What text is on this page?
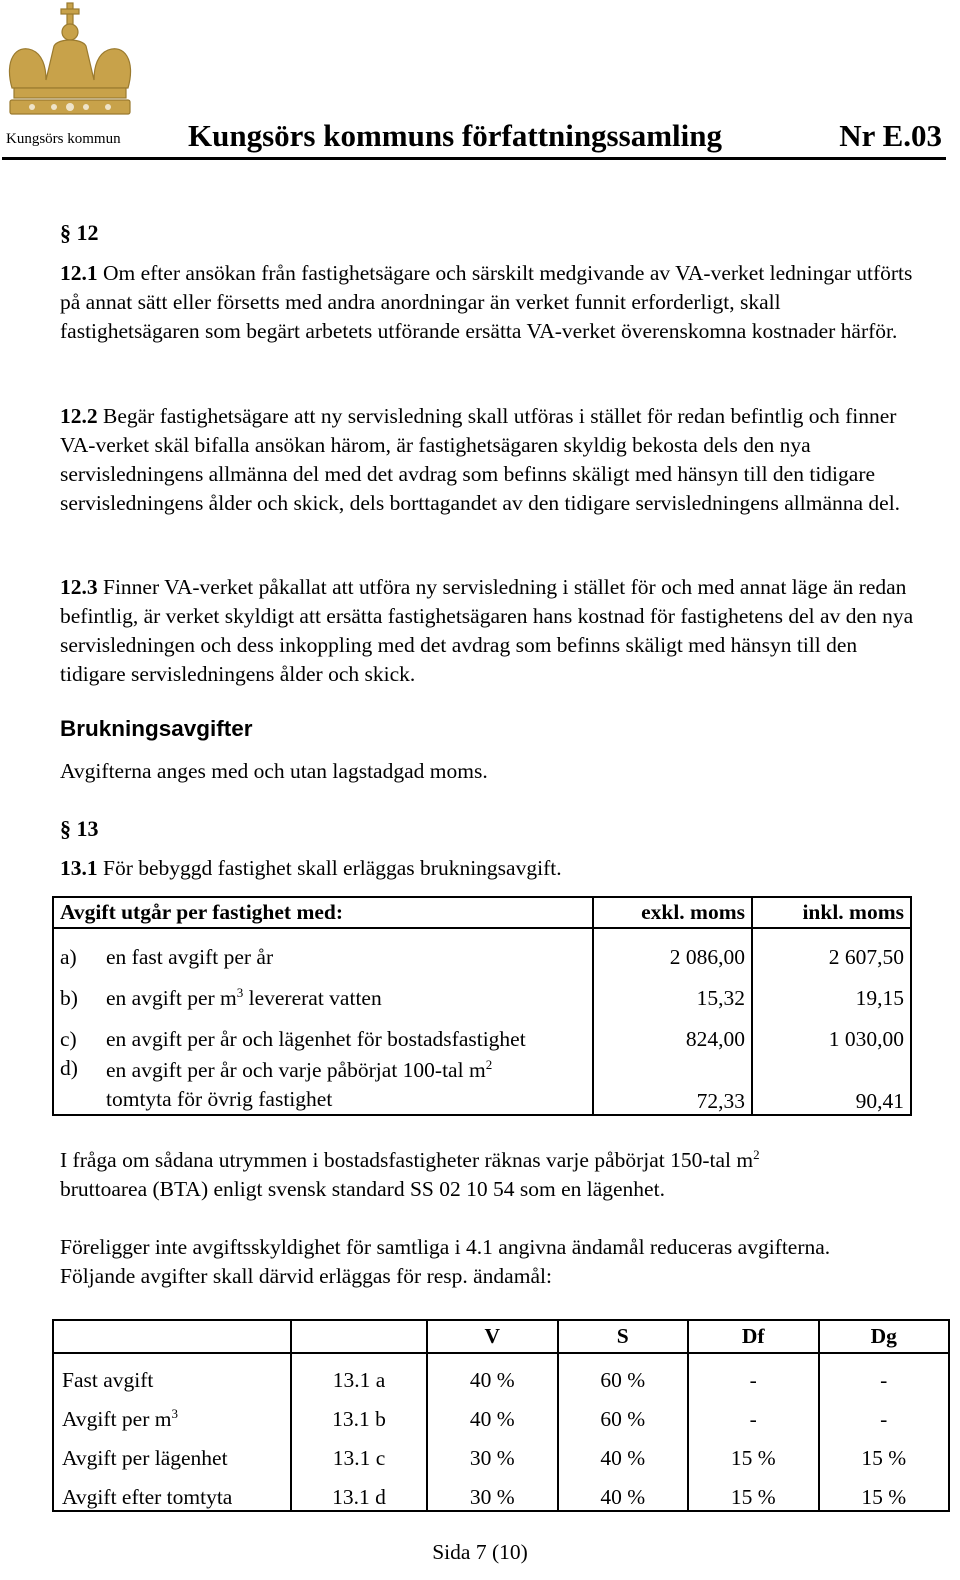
Kungsörs kommun Kungsörs kommuns författningssamling	Nr E.03
§ 12
12.1 Om efter ansökan från fastighetsägare och särskilt medgivande av VA-verket ledningar utförts på annat sätt eller försetts med andra anordningar än verket funnit erforderligt, skall fastighetsägaren som begärt arbetets utförande ersätta VA-verket överenskomna kostnader härför.
12.2 Begär fastighetsägare att ny servisledning skall utföras i stället för redan befintlig och finner VA-verket skäl bifalla ansökan härom, är fastighetsägaren skyldig bekosta dels den nya servisledningens allmänna del med det avdrag som befinns skäligt med hänsyn till den tidigare servisledningens ålder och skick, dels borttagandet av den tidigare servisledningens allmänna del.
12.3 Finner VA-verket påkallat att utföra ny servisledning i stället för och med annat läge än redan befintlig, är verket skyldigt att ersätta fastighetsägaren hans kostnad för fastighetens del av den nya servisledningen och dess inkoppling med det avdrag som befinns skäligt med hänsyn till den tidigare servisledningens ålder och skick.
Brukningsavgifter
Avgifterna anges med och utan lagstadgad moms.
§ 13
13.1 För bebyggd fastighet skall erläggas brukningsavgift.
I fråga om sådana utrymmen i bostadsfastigheter räknas varje påbörjat 150-tal $m^2$
bruttoarea (BTA) enligt svensk standard SS 02 10 54 som en lägenhet.
Föreligger inte avgiftsskyldighet för samtliga i 4.1 angivna ändamål reduceras avgifterna. Följande avgifter skall därvid erläggas för resp. ändamål:
Avgift utgår per fastighet med:		exkl. moms	inkl. moms
a)	en fast avgift per år	2 086,00	2 607,50
b)	en avgift per $m^3$ levererat vatten	15,32	19,15
c)	en avgift per år och lägenhet för bostadsfastighet	824,00	1 030,00
d)	en avgift per år och varje påbörjat 100-tal $m^2$
tomtyta för övrig fastighet	72,33	90,41
		V	S	Df	Dg
Fast avgift	13.1 a	40 %	60 %	-	-
Avgift per $m^3$	13.1 b	40 %	60 %	-	-
Avgift per lägenhet	13.1 c	30 %	40 %	15 %	15 %
Avgift efter tomtyta	13.1 d	30 %	40 %	15 %	15 %
Sida 7 (10)
